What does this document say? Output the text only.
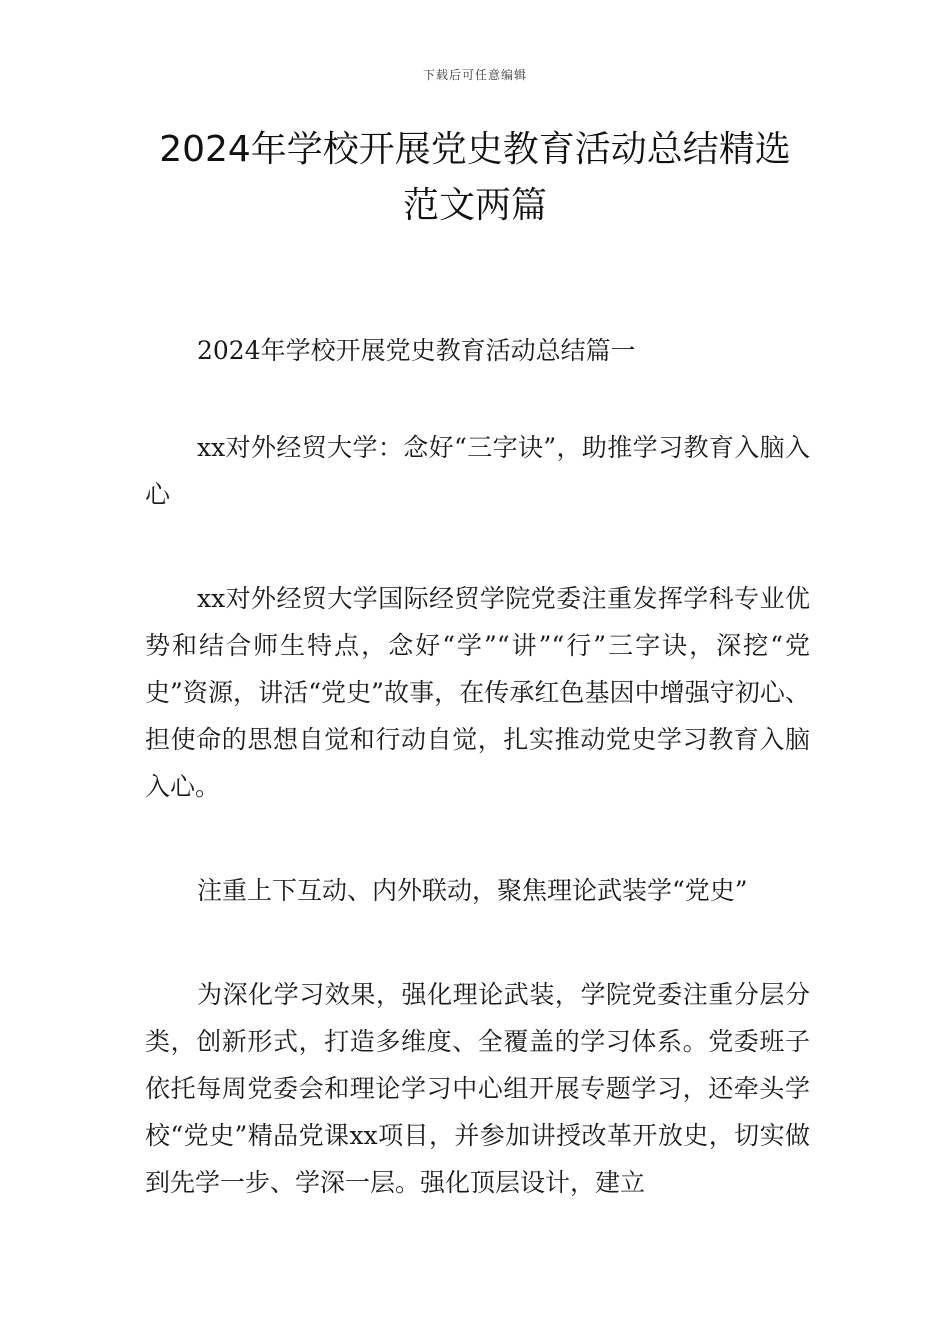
下载后可任意编辑
2024年学校开展党史教育活动总结精选范文两篇

2024年学校开展党史教育活动总结篇一

xx对外经贸大学：念好“三字诀”，助推学习教育入脑入心

xx对外经贸大学国际经贸学院党委注重发挥学科专业优势和结合师生特点，念好“学”“讲”“行”三字诀，深挖“党史”资源，讲活“党史”故事，在传承红色基因中增强守初心、担使命的思想自觉和行动自觉，扎实推动党史学习教育入脑入心。

注重上下互动、内外联动，聚焦理论武装学“党史”

为深化学习效果，强化理论武装，学院党委注重分层分类，创新形式，打造多维度、全覆盖的学习体系。党委班子依托每周党委会和理论学习中心组开展专题学习，还牵头学校“党史”精品党课xx项目，并参加讲授改革开放史，切实做到先学一步、学深一层。强化顶层设计，建立
